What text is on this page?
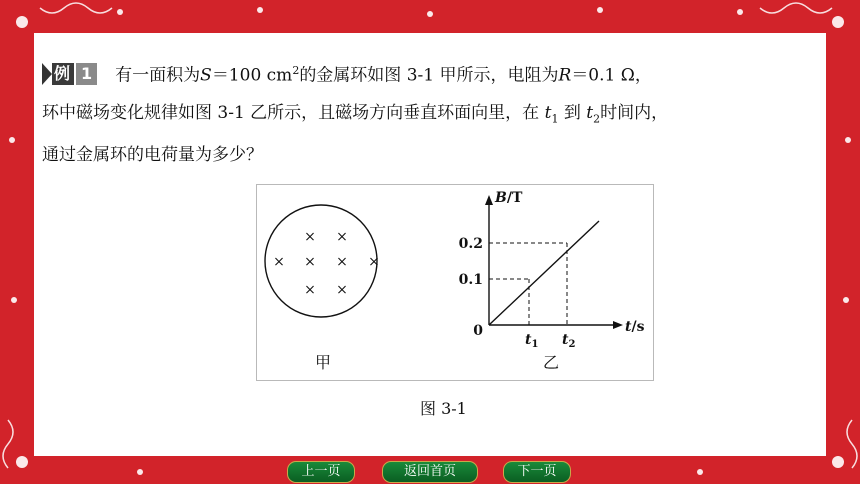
例 1 有一面积为S＝100 $cm^2$的金属环如图 3-1 甲所示，电阻为R＝0.1 Ω，
环中磁场变化规律如图 3-1 乙所示，且磁场方向垂直环面向里，在 $t_1$ 到 $t_2$时间内，
通过金属环的电荷量为多少？
× ×
× × × ×
× ×
甲
B/T
t/s
0
0.2
0.1
$t_1$ $t_2$
乙
图 3-1
上一页	返回首页	下一页
